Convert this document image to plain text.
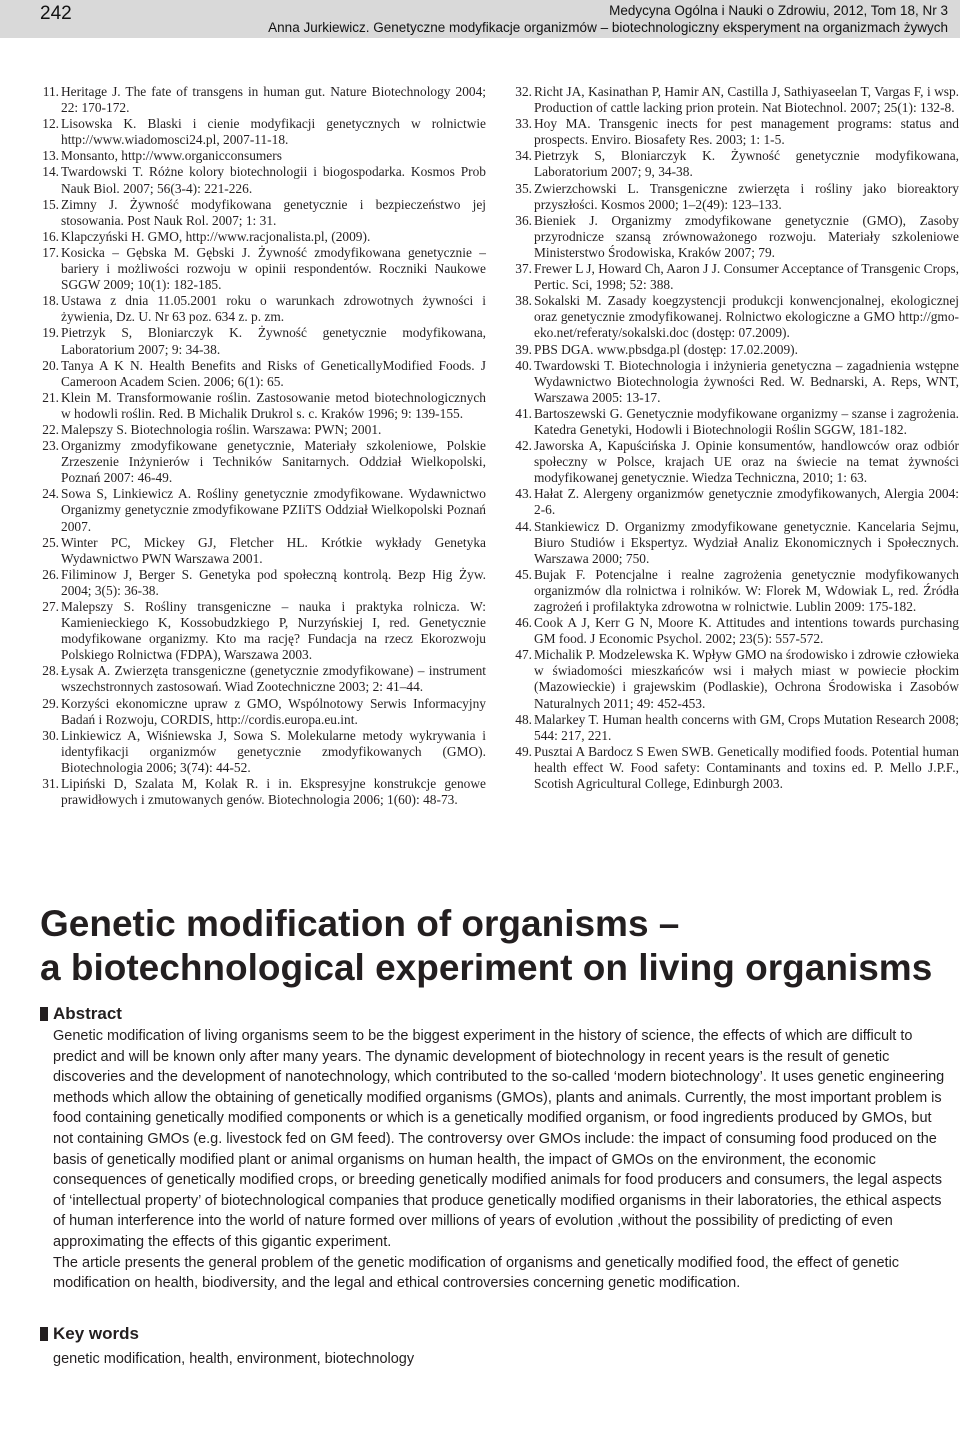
242	Medycyna Ogólna i Nauki o Zdrowiu, 2012, Tom 18, Nr 3
Anna Jurkiewicz. Genetyczne modyfikacje organizmów – biotechnologiczny eksperyment na organizmach żywych
11. Heritage J. The fate of transgens in human gut. Nature Biotechnology 2004; 22: 170-172.
12. Lisowska K. Blaski i cienie modyfikacji genetycznych w rolnictwie http://www.wiadomosci24.pl, 2007-11-18.
13. Monsanto, http://www.organicconsumers
14. Twardowski T. Różne kolory biotechnologii i biogospodarka. Kosmos Prob Nauk Biol. 2007; 56(3-4): 221-226.
15. Zimny J. Żywność modyfikowana genetycznie i bezpieczeństwo jej stosowania. Post Nauk Rol. 2007; 1: 31.
16. Klapczyński H. GMO, http://www.racjonalista.pl, (2009).
17. Kosicka – Gębska M. Gębski J. Żywność zmodyfikowana genetycznie – bariery i możliwości rozwoju w opinii respondentów. Roczniki Naukowe SGGW 2009; 10(1): 182-185.
18. Ustawa z dnia 11.05.2001 roku o warunkach zdrowotnych żywności i żywienia, Dz. U. Nr 63 poz. 634 z. p. zm.
19. Pietrzyk S, Bloniarczyk K. Żywność genetycznie modyfikowana, Laboratorium 2007; 9: 34-38.
20. Tanya A K N. Health Benefits and Risks of GeneticallyModified Foods. J Cameroon Academ Scien. 2006; 6(1): 65.
21. Klein M. Transformowanie roślin. Zastosowanie metod biotechnologicznych w hodowli roślin. Red. B Michalik Drukrol s. c. Kraków 1996; 9: 139-155.
22. Malepszy S. Biotechnologia roślin. Warszawa: PWN; 2001.
23. Organizmy zmodyfikowane genetycznie, Materiały szkoleniowe, Polskie Zrzeszenie Inżynierów i Techników Sanitarnych. Oddział Wielkopolski, Poznań 2007: 46-49.
24. Sowa S, Linkiewicz A. Rośliny genetycznie zmodyfikowane. Wydawnictwo Organizmy genetycznie zmodyfikowane PZIiTS Oddział Wielkopolski Poznań 2007.
25. Winter PC, Mickey GJ, Fletcher HL. Krótkie wykłady Genetyka Wydawnictwo PWN Warszawa 2001.
26. Filiminow J, Berger S. Genetyka pod społeczną kontrolą. Bezp Hig Żyw. 2004; 3(5): 36-38.
27. Malepszy S. Rośliny transgeniczne – nauka i praktyka rolnicza. W: Kamienieckiego K, Kossobudzkiego P, Nurzyńskiej I, red. Genetycznie modyfikowane organizmy. Kto ma rację? Fundacja na rzecz Ekorozwoju Polskiego Rolnictwa (FDPA), Warszawa 2003.
28. Łysak A. Zwierzęta transgeniczne (genetycznie zmodyfikowane) – instrument wszechstronnych zastosowań. Wiad Zootechniczne 2003; 2: 41–44.
29. Korzyści ekonomiczne upraw z GMO, Wspólnotowy Serwis Informacyjny Badań i Rozwoju, CORDIS, http://cordis.europa.eu.int.
30. Linkiewicz A, Wiśniewska J, Sowa S. Molekularne metody wykrywania i identyfikacji organizmów genetycznie zmodyfikowanych (GMO). Biotechnologia 2006; 3(74): 44-52.
31. Lipiński D, Szalata M, Kolak R. i in. Ekspresyjne konstrukcje genowe prawidłowych i zmutowanych genów. Biotechnologia 2006; 1(60): 48-73.
32. Richt JA, Kasinathan P, Hamir AN, Castilla J, Sathiyaseelan T, Vargas F, i wsp. Production of cattle lacking prion protein. Nat Biotechnol. 2007; 25(1): 132-8.
33. Hoy MA. Transgenic inects for pest management programs: status and prospects. Enviro. Biosafety Res. 2003; 1: 1-5.
34. Pietrzyk S, Bloniarczyk K. Żywność genetycznie modyfikowana, Laboratorium 2007; 9, 34-38.
35. Zwierzchowski L. Transgeniczne zwierzęta i rośliny jako bioreaktory przyszłości. Kosmos 2000; 1–2(49): 123–133.
36. Bieniek J. Organizmy zmodyfikowane genetycznie (GMO), Zasoby przyrodnicze szansą zrównoważonego rozwoju. Materiały szkoleniowe Ministerstwo Środowiska, Kraków 2007; 79.
37. Frewer L J, Howard Ch, Aaron J J. Consumer Acceptance of Transgenic Crops, Pertic. Sci, 1998; 52: 388.
38. Sokalski M. Zasady koegzystencji produkcji konwencjonalnej, ekologicznej oraz genetycznie zmodyfikowanej. Rolnictwo ekologiczne a GMO http://gmo-eko.net/referaty/sokalski.doc (dostęp: 07.2009).
39. PBS DGA. www.pbsdga.pl (dostęp: 17.02.2009).
40. Twardowski T. Biotechnologia i inżynieria genetyczna – zagadnienia wstępne Wydawnictwo Biotechnologia żywności Red. W. Bednarski, A. Reps, WNT, Warszawa 2005: 13-17.
41. Bartoszewski G. Genetycznie modyfikowane organizmy – szanse i zagrożenia. Katedra Genetyki, Hodowli i Biotechnologii Roślin SGGW, 181-182.
42. Jaworska A, Kapuścińska J. Opinie konsumentów, handlowców oraz odbiór społeczny w Polsce, krajach UE oraz na świecie na temat żywności modyfikowanej genetycznie. Wiedza Techniczna, 2010; 1: 63.
43. Hałat Z. Alergeny organizmów genetycznie zmodyfikowanych, Alergia 2004: 2-6.
44. Stankiewicz D. Organizmy zmodyfikowane genetycznie. Kancelaria Sejmu, Biuro Studiów i Ekspertyz. Wydział Analiz Ekonomicznych i Społecznych. Warszawa 2000; 750.
45. Bujak F. Potencjalne i realne zagrożenia genetycznie modyfikowanych organizmów dla rolnictwa i rolników. W: Florek M, Wdowiak L, red. Źródła zagrożeń i profilaktyka zdrowotna w rolnictwie. Lublin 2009: 175-182.
46. Cook A J, Kerr G N, Moore K. Attitudes and intentions towards purchasing GM food. J Economic Psychol. 2002; 23(5): 557-572.
47. Michalik P. Modzelewska K. Wpływ GMO na środowisko i zdrowie człowieka w świadomości mieszkańców wsi i małych miast w powiecie płockim (Mazowieckie) i grajewskim (Podlaskie), Ochrona Środowiska i Zasobów Naturalnych 2011; 49: 452-453.
48. Malarkey T. Human health concerns with GM, Crops Mutation Research 2008; 544: 217, 221.
49. Pusztai A Bardocz S Ewen SWB. Genetically modified foods. Potential human health effect W. Food safety: Contaminants and toxins ed. P. Mello J.P.F., Scotish Agricultural College, Edinburgh 2003.
Genetic modification of organisms –
a biotechnological experiment on living organisms
Abstract

Genetic modification of living organisms seem to be the biggest experiment in the history of science, the effects of which are difficult to predict and will be known only after many years. The dynamic development of biotechnology in recent years is the result of genetic discoveries and the development of nanotechnology, which contributed to the so-called ‘modern biotechnology’. It uses genetic engineering methods which allow the obtaining of genetically modified organisms (GMOs), plants and animals. Currently, the most important problem is food containing genetically modified components or which is a genetically modified organism, or food ingredients produced by GMOs, but not containing GMOs (e.g. livestock fed on GM feed). The controversy over GMOs include: the impact of consuming food produced on the basis of genetically modified plant or animal organisms on human health, the impact of GMOs on the environment, the economic consequences of genetically modified crops, or breeding genetically modified animals for food producers and consumers, the legal aspects of ‘intellectual property’ of biotechnological companies that produce genetically modified organisms in their laboratories, the ethical aspects of human interference into the world of nature formed over millions of years of evolution ,without the possibility of predicting of even approximating the effects of this gigantic experiment.

The article presents the general problem of the genetic modification of organisms and genetically modified food, the effect of genetic modification on health, biodiversity, and the legal and ethical controversies concerning genetic modification.

Key words
genetic modification, health, environment, biotechnology
